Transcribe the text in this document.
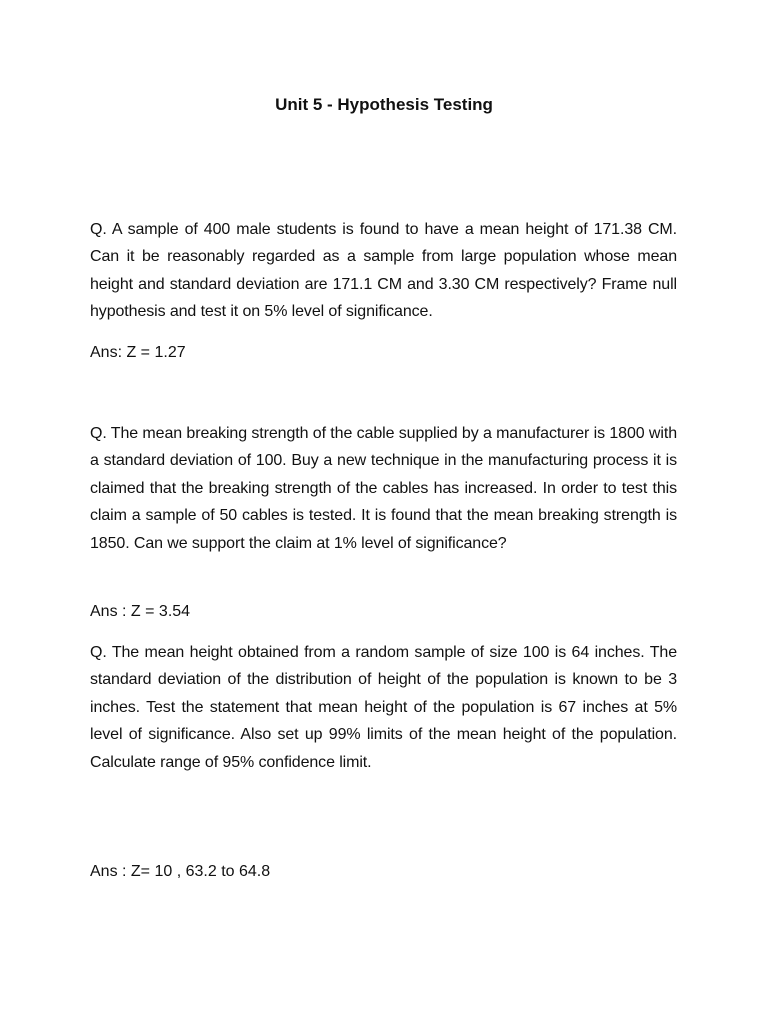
Unit 5 - Hypothesis Testing

Q. A sample of 400 male students is found to have a mean height of 171.38 CM. Can it be reasonably regarded as a sample from large population whose mean height and standard deviation are 171.1 CM and 3.30 CM respectively? Frame null hypothesis and test it on 5% level of significance.

Ans: Z = 1.27

Q. The mean breaking strength of the cable supplied by a manufacturer is 1800 with a standard deviation of 100. Buy a new technique in the manufacturing process it is claimed that the breaking strength of the cables has increased. In order to test this claim a sample of 50 cables is tested. It is found that the mean breaking strength is 1850. Can we support the claim at 1% level of significance?

Ans : Z = 3.54

Q. The mean height obtained from a random sample of size 100 is 64 inches. The standard deviation of the distribution of height of the population is known to be 3 inches. Test the statement that mean height of the population is 67 inches at 5% level of significance. Also set up 99% limits of the mean height of the population. Calculate range of 95% confidence limit.

Ans : Z= 10 , 63.2 to 64.8
